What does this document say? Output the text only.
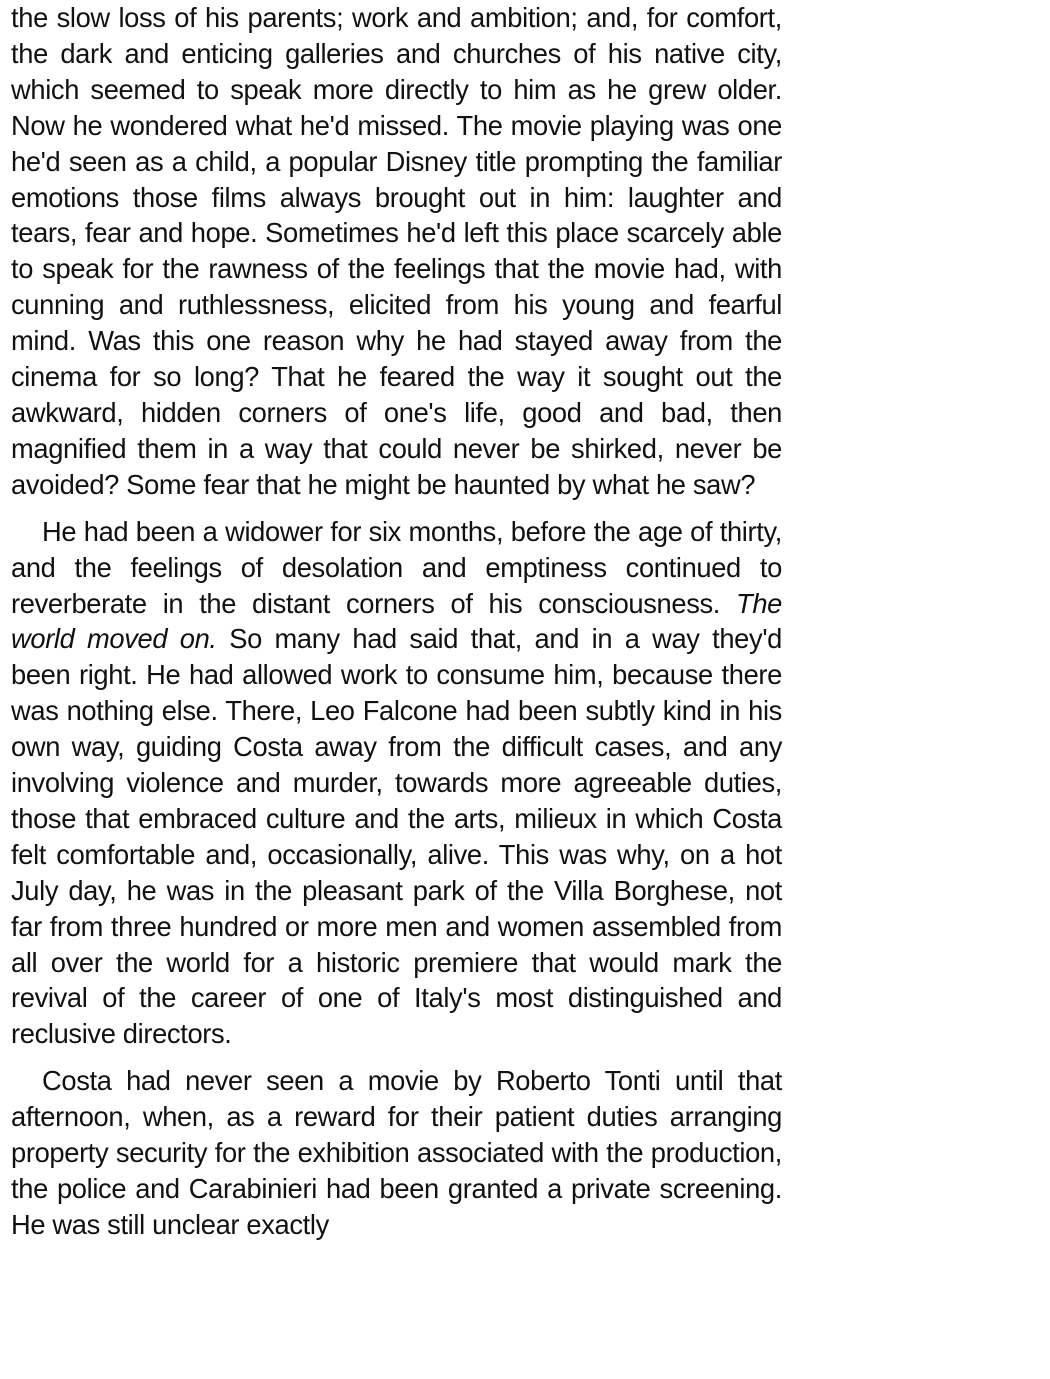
the slow loss of his parents; work and ambition; and, for comfort, the dark and enticing galleries and churches of his native city, which seemed to speak more directly to him as he grew older. Now he wondered what he'd missed. The movie playing was one he'd seen as a child, a popular Disney title prompting the familiar emotions those films always brought out in him: laughter and tears, fear and hope. Sometimes he'd left this place scarcely able to speak for the rawness of the feelings that the movie had, with cunning and ruthlessness, elicited from his young and fearful mind. Was this one reason why he had stayed away from the cinema for so long? That he feared the way it sought out the awkward, hidden corners of one's life, good and bad, then magnified them in a way that could never be shirked, never be avoided? Some fear that he might be haunted by what he saw?

He had been a widower for six months, before the age of thirty, and the feelings of desolation and emptiness continued to reverberate in the distant corners of his consciousness. The world moved on. So many had said that, and in a way they'd been right. He had allowed work to consume him, because there was nothing else. There, Leo Falcone had been subtly kind in his own way, guiding Costa away from the difficult cases, and any involving violence and murder, towards more agreeable duties, those that embraced culture and the arts, milieux in which Costa felt comfortable and, occasionally, alive. This was why, on a hot July day, he was in the pleasant park of the Villa Borghese, not far from three hundred or more men and women assembled from all over the world for a historic premiere that would mark the revival of the career of one of Italy's most distinguished and reclusive directors.

Costa had never seen a movie by Roberto Tonti until that afternoon, when, as a reward for their patient duties arranging property security for the exhibition associated with the production, the police and Carabinieri had been granted a private screening. He was still unclear exactly
